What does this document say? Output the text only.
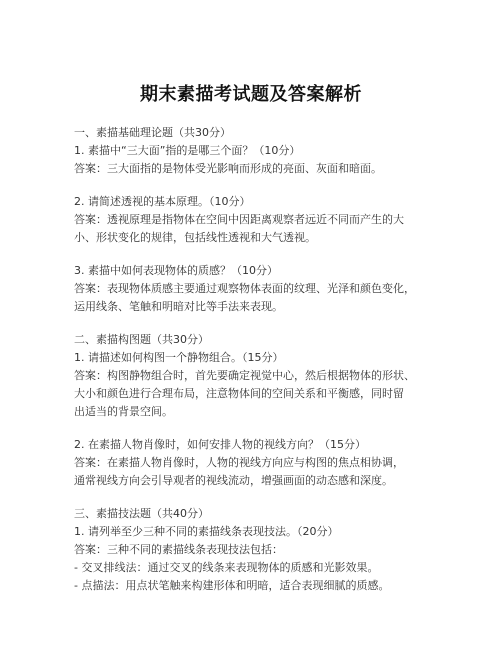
期末素描考试题及答案解析
一、素描基础理论题（共30分）
1. 素描中“三大面”指的是哪三个面？（10分）
答案：三大面指的是物体受光影响而形成的亮面、灰面和暗面。
2. 请简述透视的基本原理。（10分）
答案：透视原理是指物体在空间中因距离观察者远近不同而产生的大
小、形状变化的规律，包括线性透视和大气透视。
3. 素描中如何表现物体的质感？（10分）
答案：表现物体质感主要通过观察物体表面的纹理、光泽和颜色变化，
运用线条、笔触和明暗对比等手法来表现。
二、素描构图题（共30分）
1. 请描述如何构图一个静物组合。（15分）
答案：构图静物组合时，首先要确定视觉中心，然后根据物体的形状、
大小和颜色进行合理布局，注意物体间的空间关系和平衡感，同时留
出适当的背景空间。
2. 在素描人物肖像时，如何安排人物的视线方向？（15分）
答案：在素描人物肖像时，人物的视线方向应与构图的焦点相协调，
通常视线方向会引导观者的视线流动，增强画面的动态感和深度。
三、素描技法题（共40分）
1. 请列举至少三种不同的素描线条表现技法。（20分）
答案：三种不同的素描线条表现技法包括：
- 交叉排线法：通过交叉的线条来表现物体的质感和光影效果。
- 点描法：用点状笔触来构建形体和明暗，适合表现细腻的质感。
